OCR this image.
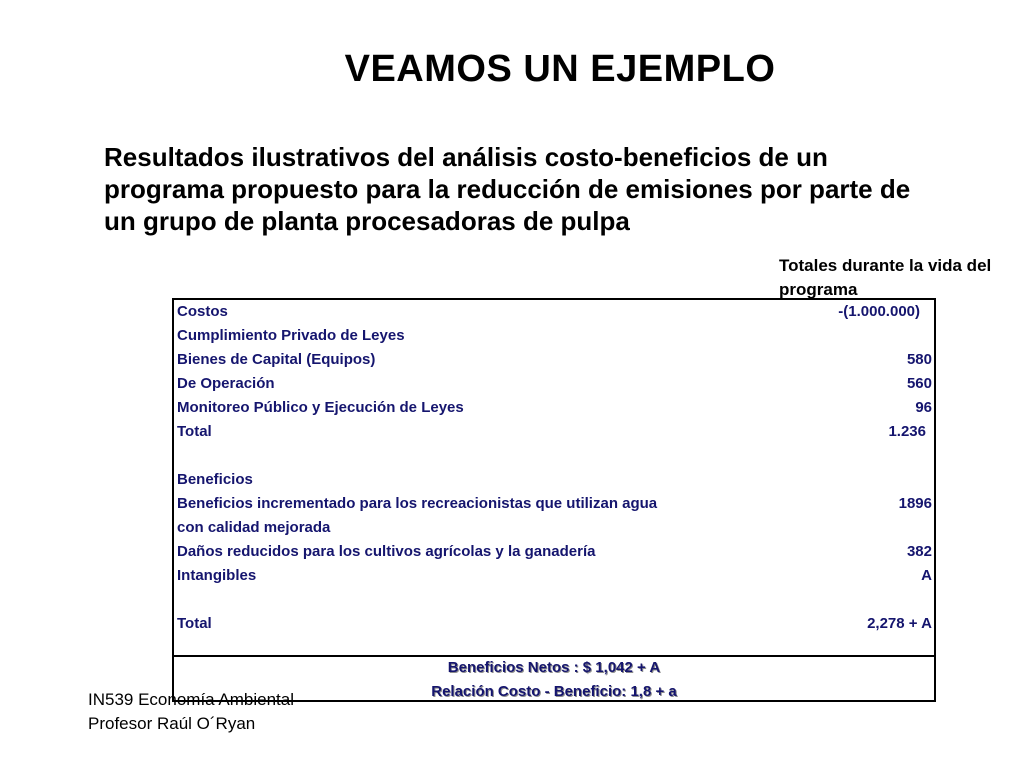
VEAMOS UN EJEMPLO
Resultados ilustrativos del análisis costo-beneficios de un programa propuesto para la reducción de emisiones por parte de un grupo de planta procesadoras de pulpa
Totales durante la vida del programa
Costos	-(1.000.000)
Cumplimiento Privado de Leyes
Bienes de Capital (Equipos)	580
De Operación	560
Monitoreo Público y Ejecución de Leyes	96
Total	1.236
Beneficios
Beneficios incrementado para los recreacionistas que utilizan agua	1896
con calidad mejorada
Daños reducidos para los cultivos agrícolas y la ganadería	382
Intangibles	A
Total	2,278 + A
Beneficios Netos : $ 1,042 + A
Relación Costo - Beneficio: 1,8 + a
IN539 Economía Ambiental
Profesor Raúl O´Ryan
